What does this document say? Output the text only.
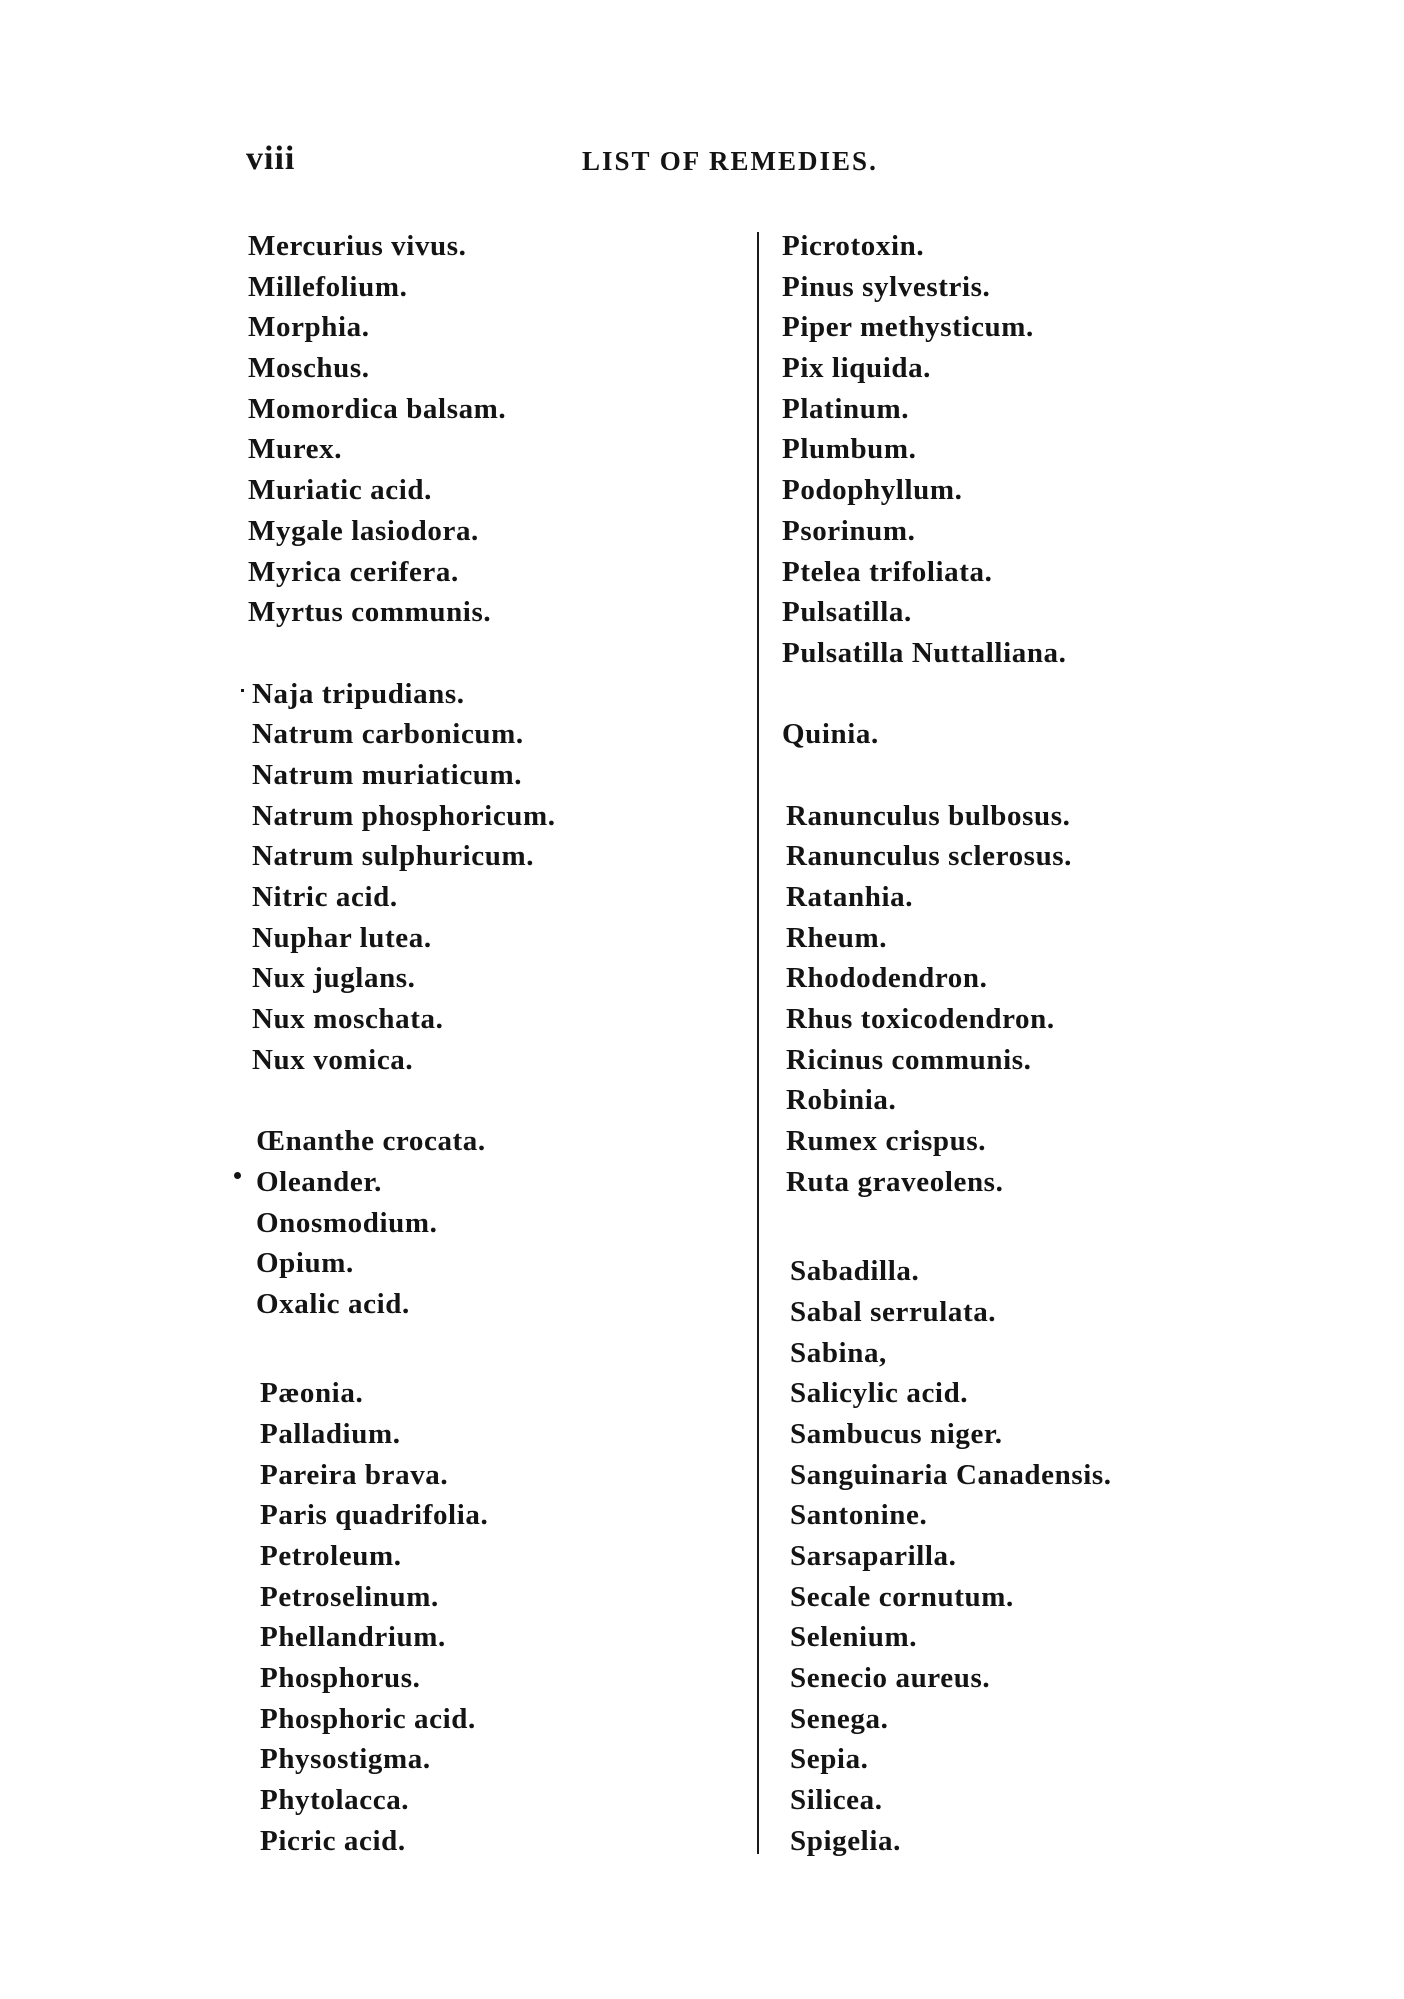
viii	LIST OF REMEDIES.
Mercurius vivus.
Millefolium.
Morphia.
Moschus.
Momordica balsam.
Murex.
Muriatic acid.
Mygale lasiodora.
Myrica cerifera.
Myrtus communis.
Naja tripudians.
Natrum carbonicum.
Natrum muriaticum.
Natrum phosphoricum.
Natrum sulphuricum.
Nitric acid.
Nuphar lutea.
Nux juglans.
Nux moschata.
Nux vomica.
Œnanthe crocata.
Oleander.
Onosmodium.
Opium.
Oxalic acid.
Pæonia.
Palladium.
Pareira brava.
Paris quadrifolia.
Petroleum.
Petroselinum.
Phellandrium.
Phosphorus.
Phosphoric acid.
Physostigma.
Phytolacca.
Picric acid.
Picrotoxin.
Pinus sylvestris.
Piper methysticum.
Pix liquida.
Platinum.
Plumbum.
Podophyllum.
Psorinum.
Ptelea trifoliata.
Pulsatilla.
Pulsatilla Nuttalliana.
Quinia.
Ranunculus bulbosus.
Ranunculus sclerosus.
Ratanhia.
Rheum.
Rhododendron.
Rhus toxicodendron.
Ricinus communis.
Robinia.
Rumex crispus.
Ruta graveolens.
Sabadilla.
Sabal serrulata.
Sabina,
Salicylic acid.
Sambucus niger.
Sanguinaria Canadensis.
Santonine.
Sarsaparilla.
Secale cornutum.
Selenium.
Senecio aureus.
Senega.
Sepia.
Silicea.
Spigelia.
